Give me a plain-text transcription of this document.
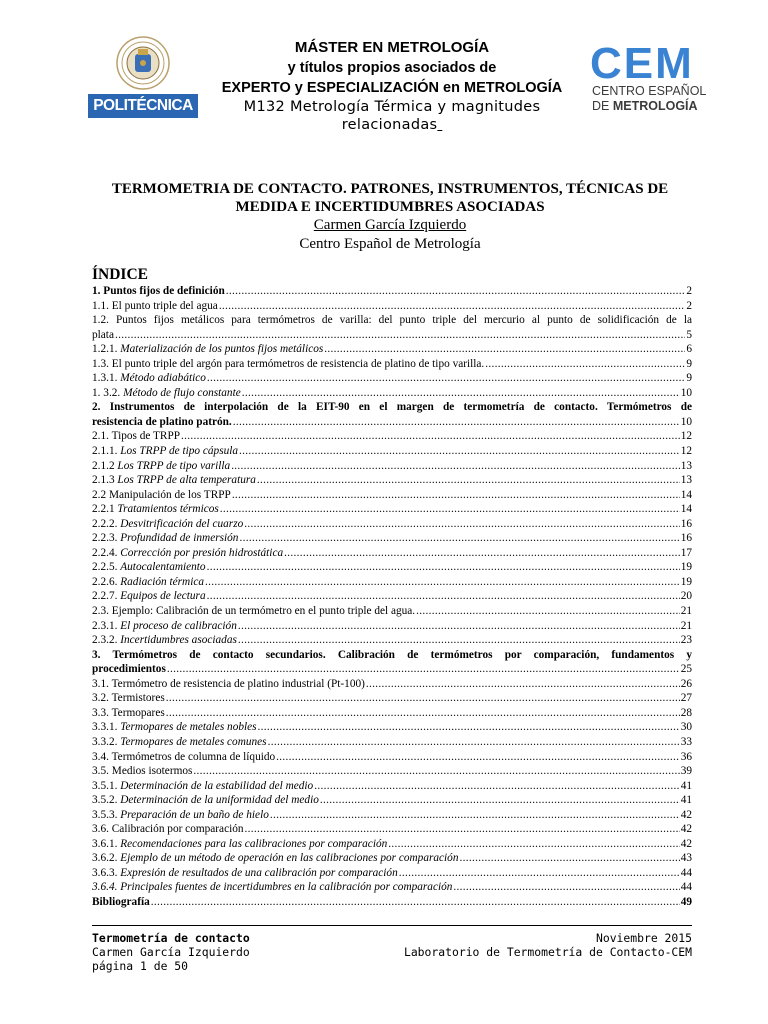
POLITÉCNICA
MÁSTER EN METROLOGÍA
y títulos propios asociados de
EXPERTO y ESPECIALIZACIÓN en METROLOGÍA
M132 Metrología Térmica y magnitudes
relacionadas
CEM
CENTRO ESPAÑOL
DE METROLOGÍA
TERMOMETRIA DE CONTACTO. PATRONES, INSTRUMENTOS, TÉCNICAS DE
MEDIDA E INCERTIDUMBRES ASOCIADAS
Carmen García Izquierdo
Centro Español de Metrología
ÍNDICE
1. Puntos fijos de definición .....	2
1.1. El punto triple del agua .....	2
1.2. Puntos fijos metálicos para termómetros de varilla: del punto triple del mercurio al punto de solidificación de la
plata .....	5
1.2.1. Materialización de los puntos fijos metálicos .....	6
1.3. El punto triple del argón para termómetros de resistencia de platino de tipo varilla. .....	9
1.3.1. Método adiabático .....	9
1. 3.2. Método de flujo constante .....	10
2. Instrumentos de interpolación de la EIT-90 en el margen de termometría de contacto. Termómetros de
resistencia de platino patrón. .....	10
2.1. Tipos de TRPP .....	12
2.1.1. Los TRPP de tipo cápsula .....	12
2.1.2 Los TRPP de tipo varilla .....	13
2.1.3 Los TRPP de alta temperatura .....	13
2.2 Manipulación de los TRPP .....	14
2.2.1 Tratamientos térmicos .....	14
2.2.2. Desvitrificación del cuarzo .....	16
2.2.3. Profundidad de inmersión .....	16
2.2.4. Corrección por presión hidrostática .....	17
2.2.5. Autocalentamiento .....	19
2.2.6. Radiación térmica .....	19
2.2.7. Equipos de lectura .....	20
2.3. Ejemplo: Calibración de un termómetro en el punto triple del agua. .....	21
2.3.1. El proceso de calibración .....	21
2.3.2. Incertidumbres asociadas .....	23
3. Termómetros de contacto secundarios. Calibración de termómetros por comparación, fundamentos y
procedimientos .....	25
3.1. Termómetro de resistencia de platino industrial (Pt-100) .....	26
3.2. Termistores .....	27
3.3. Termopares .....	28
3.3.1. Termopares de metales nobles .....	30
3.3.2. Termopares de metales comunes .....	33
3.4. Termómetros de columna de líquido .....	36
3.5. Medios isotermos .....	39
3.5.1. Determinación de la estabilidad del medio .....	41
3.5.2. Determinación de la uniformidad del medio .....	41
3.5.3. Preparación de un baño de hielo .....	42
3.6. Calibración por comparación .....	42
3.6.1. Recomendaciones para las calibraciones por comparación .....	42
3.6.2. Ejemplo de un método de operación en las calibraciones por comparación .....	43
3.6.3. Expresión de resultados de una calibración por comparación .....	44
3.6.4. Principales fuentes de incertidumbres en la calibración por comparación .....	44
Bibliografía .....	49
Termometría de contacto
Carmen García Izquierdo
página 1 de 50
Noviembre 2015
Laboratorio de Termometría de Contacto-CEM
